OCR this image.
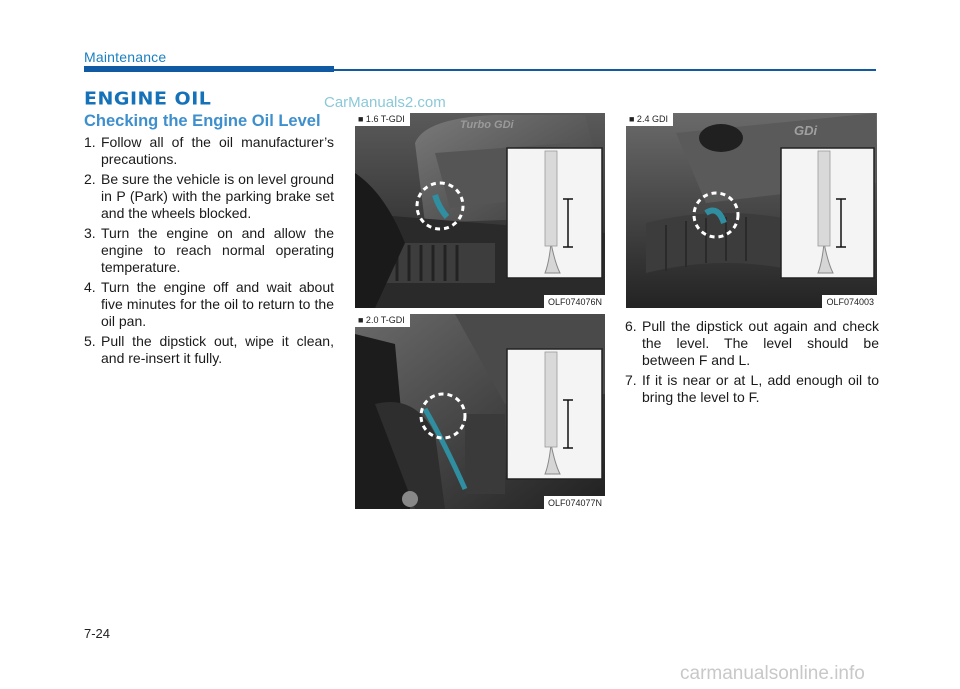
Maintenance
ENGINE OIL	CarManuals2.com
Checking the Engine Oil Level
1. Follow all of the oil manufacturer’s precautions.
2. Be sure the vehicle is on level ground in P (Park) with the parking brake set and the wheels blocked.
3. Turn the engine on and allow the engine to reach normal operating temperature.
4. Turn the engine off and wait about five minutes for the oil to return to the oil pan.
5. Pull the dipstick out, wipe it clean, and re-insert it fully.
■ 1.6 T-GDI	Turbo GDi
OLF074076N
■ 2.0 T-GDI
OLF074077N
■ 2.4 GDI
GDi
OLF074003
6. Pull the dipstick out again and check the level. The level should be between F and L.
7. If it is near or at L, add enough oil to bring the level to F.
7-24
carmanualsonline.info
